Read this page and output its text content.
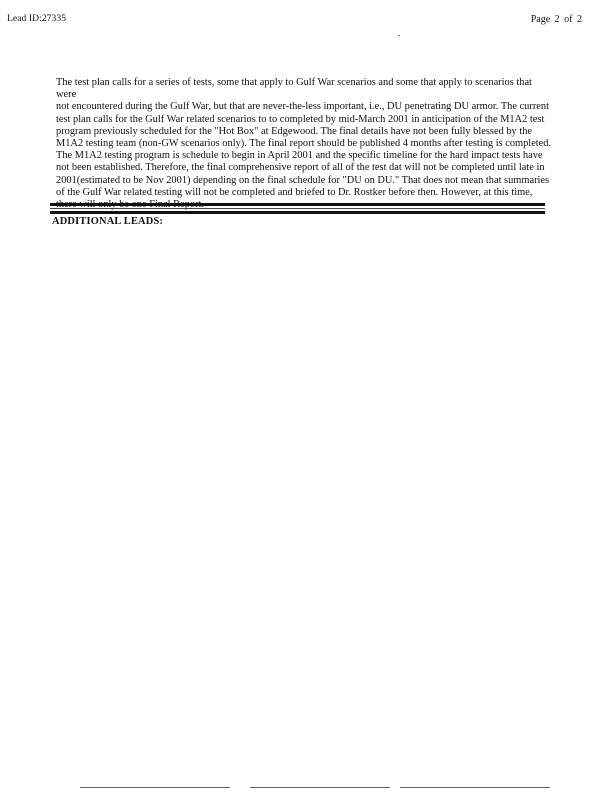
Lead ID:27335	Page 2 of 2
The test plan calls for a series of tests, some that apply to Gulf War scenarios and some that apply to scenarios that were
not encountered during the Gulf War, but that are never-the-less important, i.e., DU penetrating DU armor. The current
test plan calls for the Gulf War related scenarios to to completed by mid-March 2001 in anticipation of the M1A2 test
program previously scheduled for the "Hot Box" at Edgewood. The final details have not been fully blessed by the
M1A2 testing team (non-GW scenarios only). The final report should be published 4 months after testing is completed.
The M1A2 testing program is schedule to begin in April 2001 and the specific timeline for the hard impact tests have
not been established. Therefore, the final comprehensive report of all of the test dat will not be completed until late in
2001(estimated to be Nov 2001) depending on the final schedule for "DU on DU." That does not mean that summaries
of the Gulf War related testing will not be completed and briefed to Dr. Rostker before then. However, at this time,

ADDITIONAL LEADS:
